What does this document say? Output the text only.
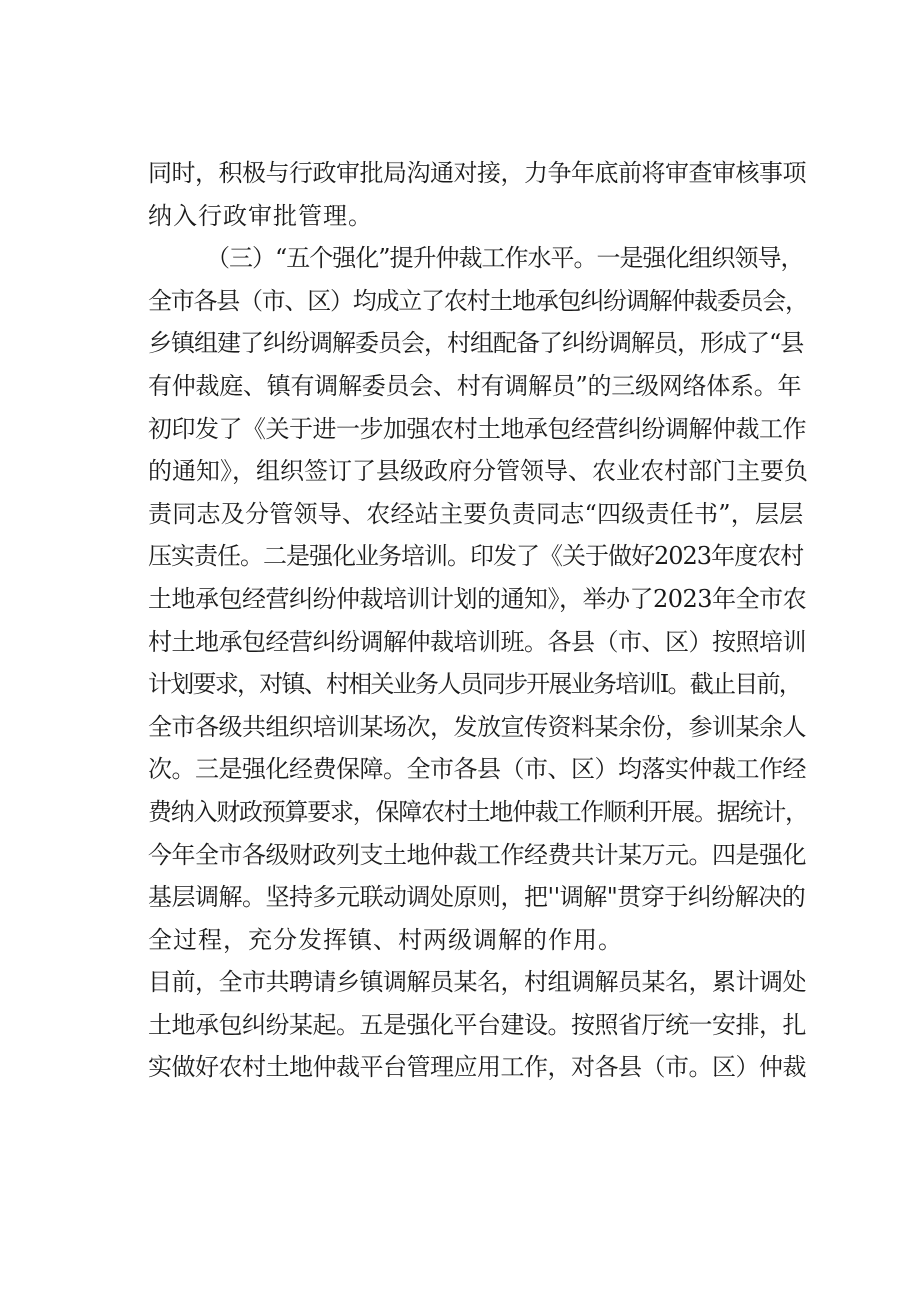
同时，积极与行政审批局沟通对接，力争年底前将审查审核事项
纳入行政审批管理。
（三）“五个强化”提升仲裁工作水平。一是强化组织领导，
全市各县（市、区）均成立了农村土地承包纠纷调解仲裁委员会，
乡镇组建了纠纷调解委员会，村组配备了纠纷调解员，形成了“县
有仲裁庭、镇有调解委员会、村有调解员”的三级网络体系。年
初印发了《关于进一步加强农村土地承包经营纠纷调解仲裁工作
的通知》，组织签订了县级政府分管领导、农业农村部门主要负
责同志及分管领导、农经站主要负责同志“四级责任书”，层层
压实责任。二是强化业务培训。印发了《关于做好2023年度农村
土地承包经营纠纷仲裁培训计划的通知》，举办了2023年全市农
村土地承包经营纠纷调解仲裁培训班。各县（市、区）按照培训
计划要求，对镇、村相关业务人员同步开展业务培训I。截止目前，
全市各级共组织培训某场次，发放宣传资料某余份，参训某余人
次。三是强化经费保障。全市各县（市、区）均落实仲裁工作经
费纳入财政预算要求，保障农村土地仲裁工作顺利开展。据统计，
今年全市各级财政列支土地仲裁工作经费共计某万元。四是强化
基层调解。坚持多元联动调处原则，把''调解"贯穿于纠纷解决的
全过程，充分发挥镇、村两级调解的作用。
目前，全市共聘请乡镇调解员某名，村组调解员某名，累计调处
土地承包纠纷某起。五是强化平台建设。按照省厅统一安排，扎
实做好农村土地仲裁平台管理应用工作，对各县（市。区）仲裁
